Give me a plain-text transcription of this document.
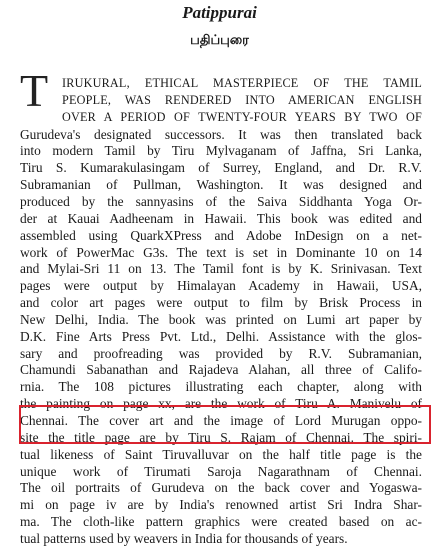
Patippurai
பதிப்புரை
T IRUKURAL, ETHICAL MASTERPIECE OF THE TAMIL
PEOPLE, WAS RENDERED INTO AMERICAN ENGLISH
OVER A PERIOD OF TWENTY-FOUR YEARS BY TWO OF
Gurudeva's designated successors. It was then translated back
into modern Tamil by Tiru Mylvaganam of Jaffna, Sri Lanka,
Tiru S. Kumarakulasingam of Surrey, England, and Dr. R.V.
Subramanian of Pullman, Washington. It was designed and
produced by the sannyasins of the Saiva Siddhanta Yoga Or-
der at Kauai Aadheenam in Hawaii. This book was edited and
assembled using QuarkXPress and Adobe InDesign on a net-
work of PowerMac G3s. The text is set in Dominante 10 on 14
and Mylai-Sri 11 on 13. The Tamil font is by K. Srinivasan. Text
pages were output by Himalayan Academy in Hawaii, USA,
and color art pages were output to film by Brisk Process in
New Delhi, India. The book was printed on Lumi art paper by
D.K. Fine Arts Press Pvt. Ltd., Delhi. Assistance with the glos-
sary and proofreading was provided by R.V. Subramanian,
Chamundi Sabanathan and Rajadeva Alahan, all three of Califo-
rnia. The 108 pictures illustrating each chapter, along with
the painting on page xx, are the work of Tiru A. Manivelu of
Chennai. The cover art and the image of Lord Murugan oppo-
site the title page are by Tiru S. Rajam of Chennai. The spiri-
tual likeness of Saint Tiruvalluvar on the half title page is the
unique work of Tirumati Saroja Nagarathnam of Chennai.
The oil portraits of Gurudeva on the back cover and Yogaswa-
mi on page iv are by India's renowned artist Sri Indra Shar-
ma. The cloth-like pattern graphics were created based on ac-
tual patterns used by weavers in India for thousands of years.
